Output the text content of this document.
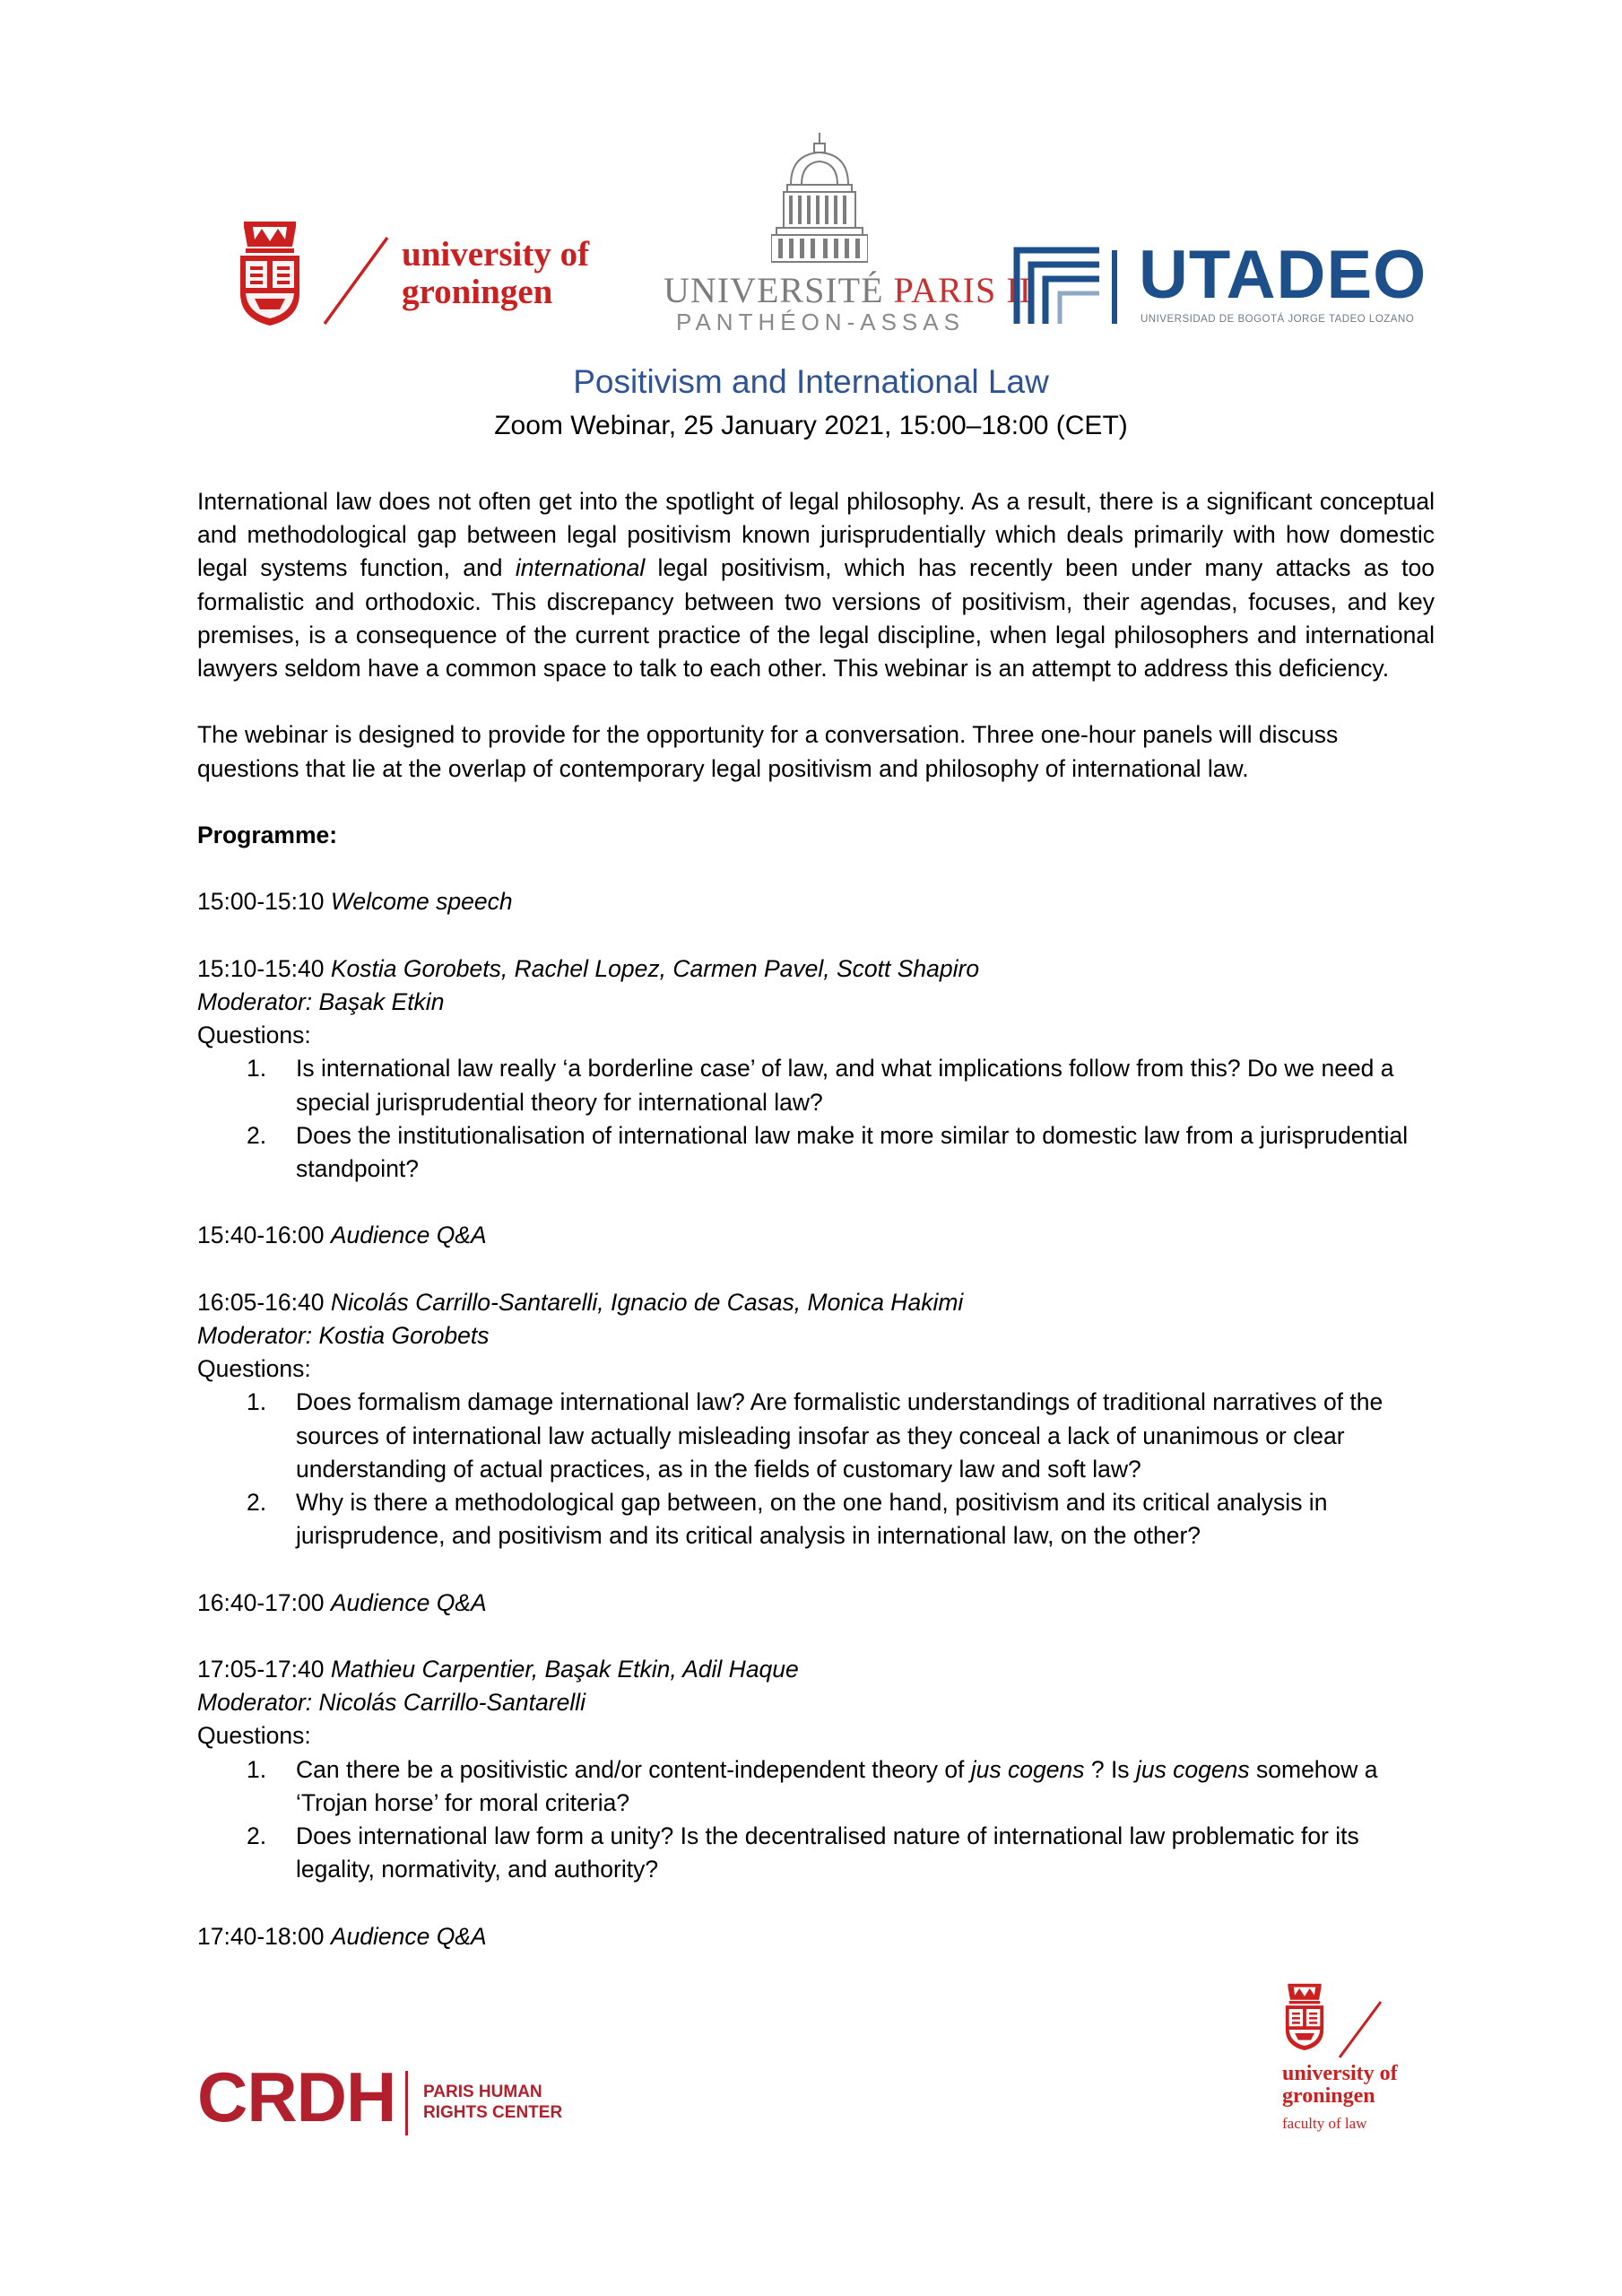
university of
groningen	UNIVERSITÉ PARIS II
PANTHÉON-ASSAS
UTADEO
UNIVERSIDAD DE BOGOTÁ JORGE TADEO LOZANO
Positivism and International Law
Zoom Webinar, 25 January 2021, 15:00–18:00 (CET)

International law does not often get into the spotlight of legal philosophy. As a result, there is a significant conceptual and methodological gap between legal positivism known jurisprudentially which deals primarily with how domestic legal systems function, and international legal positivism, which has recently been under many attacks as too formalistic and orthodoxic. This discrepancy between two versions of positivism, their agendas, focuses, and key premises, is a consequence of the current practice of the legal discipline, when legal philosophers and international lawyers seldom have a common space to talk to each other. This webinar is an attempt to address this deficiency.

The webinar is designed to provide for the opportunity for a conversation. Three one-hour panels will discuss questions that lie at the overlap of contemporary legal positivism and philosophy of international law.

Programme:

15:00-15:10 Welcome speech

15:10-15:40 Kostia Gorobets, Rachel Lopez, Carmen Pavel, Scott Shapiro

Moderator: Başak Etkin

Questions:

1. Is international law really ‘a borderline case’ of law, and what implications follow from this? Do we need a special jurisprudential theory for international law?
2. Does the institutionalisation of international law make it more similar to domestic law from a jurisprudential standpoint?

15:40-16:00 Audience Q&A

16:05-16:40 Nicolás Carrillo-Santarelli, Ignacio de Casas, Monica Hakimi

Moderator: Kostia Gorobets

Questions:

1. Does formalism damage international law? Are formalistic understandings of traditional narratives of the sources of international law actually misleading insofar as they conceal a lack of unanimous or clear understanding of actual practices, as in the fields of customary law and soft law?
2. Why is there a methodological gap between, on the one hand, positivism and its critical analysis in jurisprudence, and positivism and its critical analysis in international law, on the other?

16:40-17:00 Audience Q&A

17:05-17:40 Mathieu Carpentier, Başak Etkin, Adil Haque

Moderator: Nicolás Carrillo-Santarelli

Questions:

1. Can there be a positivistic and/or content-independent theory of jus cogens ? Is jus cogens somehow a ‘Trojan horse’ for moral criteria?
2. Does international law form a unity? Is the decentralised nature of international law problematic for its legality, normativity, and authority?

17:40-18:00 Audience Q&A

CRDH PARIS HUMAN
RIGHTS CENTER
university of
groningen
faculty of law
